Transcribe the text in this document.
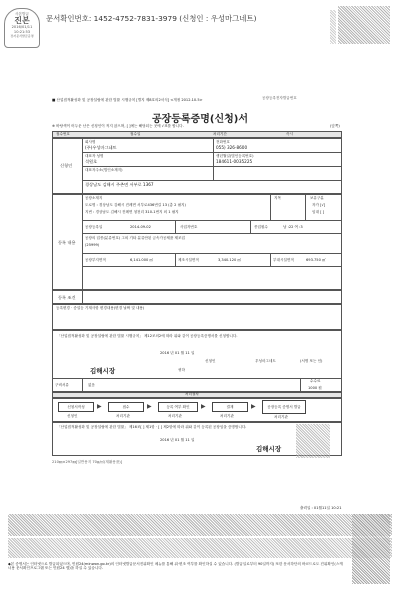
사본발급
진본
2016/01/11
10:21:53
전자문서발급증명
문서확인번호: 1452-4752-7831-3979 (신청인 : 우성마그네트)
■ 산업집적활성화 및 공장설립에 관한 법률 시행규칙 [별지 제8호의2서식] <개정 2012.10.5>	공장등록전자발급번호
공장등록증명(신청)서
※ 바탕색이 어두운 난은 신청인이 적지 않으며, [ ]에는 해당되는 곳에 √표를 합니다.	(앞쪽)
접수번호	접수일	처리기간	즉시
신청인
회사명
(주)우성마그네트
전화번호
055) 326-8600
대표자 성명
석원호
생년월일(법인등록번호)
184611-0035225
대표자주소(법인소재지)
경상남도 김해시 주촌면 서부로 1367
등록 내용
공장소재지
도로명 : 경상남도 김해시 진례면 서부로436번길 13 (총 2 필지)
지번 : 경상남도 김해시 진례면 청천리 310-1번지 외 1 필지
지목	보유구분
자가 [√]
임대 [ ]
공장등록일	2014-09-02	사업자번호	종업원수	남 :22 여 :3
공장의 업종(분류번호) 그외 기타 분류안된 금속가공제품 제조업
(25999)
공장부지면적	6,141.000 ㎡	제조시설면적	3,340.120 ㎡	부대시설면적	693.750 ㎡
등록 조건
등록변경 · 증설등 기재사항 변경내용(변경 날짜 및 내용)
「산업집적활성화 및 공장설립에 관한 법률 시행규칙」 제12조의2에 따라 위와 같이 공장등록증명서를 신청합니다.
2016 년 01 월 11 일
신청인	우성마그네트	(서명 또는 인)
김해시장	귀하
구비서류	없음
수수료
1000 원
처리절차
신청서작성	▶	접수	▶	등록 여부 확인	▶	결재	▶	공장등록 증명서 발급
신청인	처리기관	처리기관	처리기관	처리기관
「산업집적활성화 및 공장설립에 관한 법률」 제16조[ ] 제1항 · [ ] 제2항에 따라 위와 같이 등록된 공장임을 증명합니다.
2016 년 01 월 11 일
김해시장
210㎜×297㎜[일반용지 70g/㎡(재활용품)]
출력일 : 01월11일 10:21
◆본 증명서는 인터넷으로 발급되었으며, 민원24(minwon.go.kr)의 인터넷발급문서진위확인 메뉴를 통해 위·변조 여부를 확인하실 수 있습니다. (발급일로부터 90일까지) 또한 문서하단의 바코드로도 진위확인(스캐너용 문서확인프로그램 또는 민원24 앱)을 하실 수 있습니다.
